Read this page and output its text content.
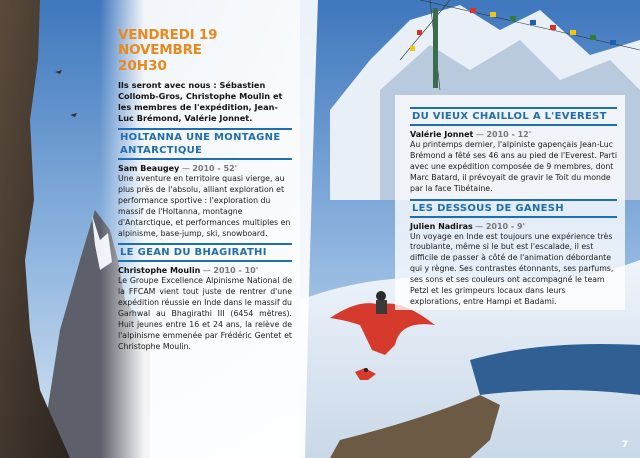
VENDREDI 19 NOVEMBRE
20H30
Ils seront avec nous : Sébastien Collomb-Gros, Christophe Moulin et les membres de l'expédition, Jean-Luc Brémond, Valérie Jonnet.
HOLTANNA UNE MONTAGNE
ANTARCTIQUE
Sam Beaugey — 2010 - 52'
Une aventure en territoire quasi vierge, au plus près de l'absolu, alliant exploration et performance sportive : l'exploration du massif de l'Holtanna, montagne d'Antarctique, et performances multiples en alpinisme, base-jump, ski, snowboard.
LE GEAN DU BHAGIRATHI
Christophe Moulin — 2010 - 10'
Le Groupe Excellence Alpinisme National de la FFCAM vient tout juste de rentrer d'une expédition réussie en Inde dans le massif du Garhwal au Bhagirathi III (6454 mètres). Huit jeunes entre 16 et 24 ans, la relève de l'alpinisme emmenée par Frédéric Gentet et Christophe Moulin.
DU VIEUX CHAILLOL A L'EVEREST
Valérie Jonnet — 2010 - 12'
Au printemps dernier, l'alpiniste gapençais Jean-Luc Brémond a fêté ses 46 ans au pied de l'Everest. Parti avec une expédition composée de 9 membres, dont Marc Batard, il prévoyait de gravir le Toit du monde par la face Tibétaine.
LES DESSOUS DE GANESH
Julien Nadiras — 2010 - 9'
Un voyage en Inde est toujours une expérience très troublante, même si le but est l'escalade, il est difficile de passer à côté de l'animation débordante qui y règne. Ses contrastes étonnants, ses parfums, ses sons et ses couleurs ont accompagné le team Petzl et les grimpeurs locaux dans leurs explorations, entre Hampi et Badami.
7
